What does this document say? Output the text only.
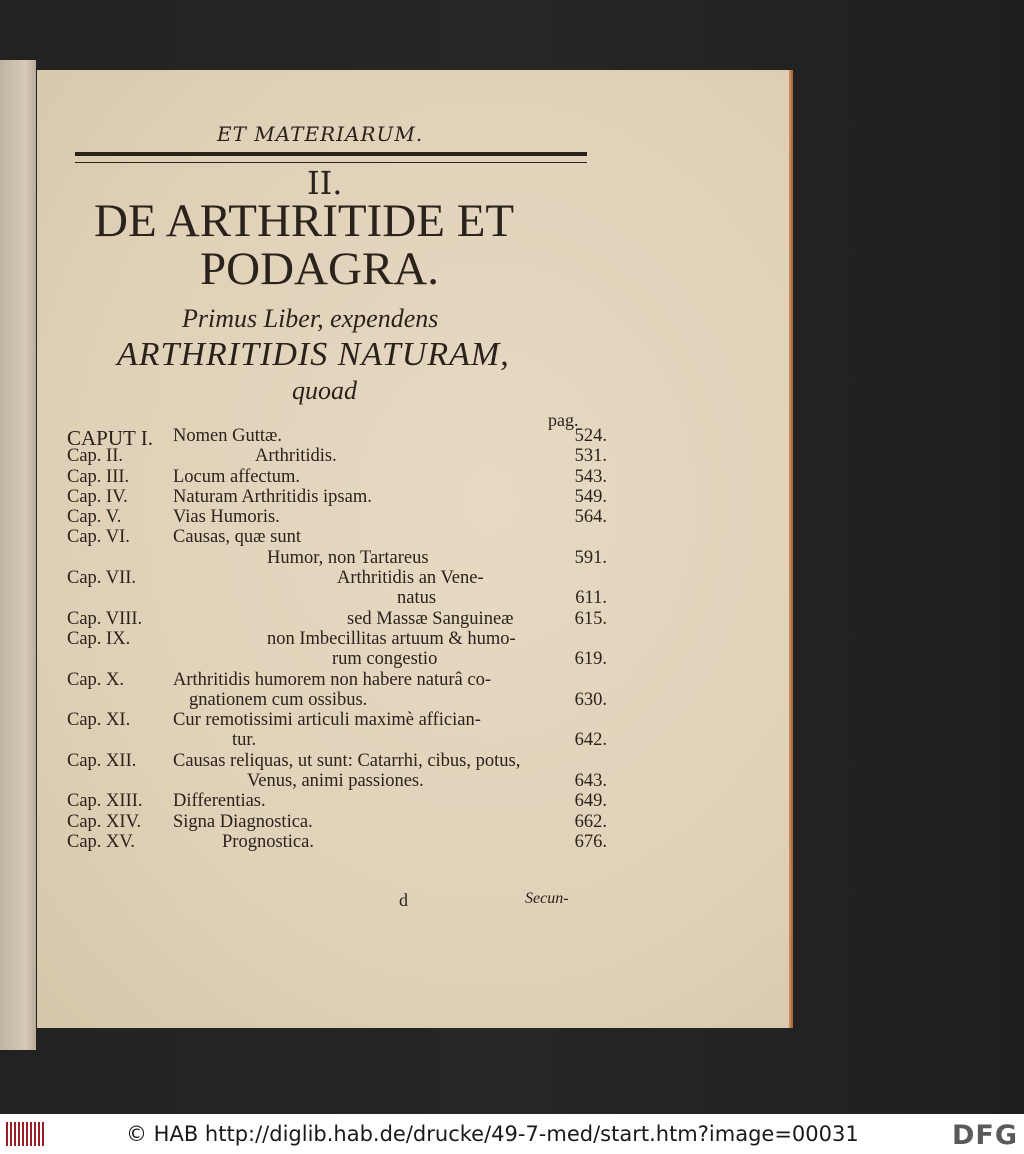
ET MATERIARUM.
II.
DE ARTHRITIDE ET
PODAGRA.
Primus Liber, expendens
ARTHRITIDIS NATURAM,
quoad
pag.
CAPUT I. Nomen Guttæ.	524.
Cap. II.	Arthritidis.	531.
Cap. III. Locum affectum.	543.
Cap. IV. Naturam Arthritidis ipsam.	549.
Cap. V.	Vias Humoris.	564.
Cap. VI. Causas, quæ sunt
Humor, non Tartareus	591.
Cap. VII.	Arthritidis an Vene-
natus	611.
Cap. VIII.	sed Massæ Sanguineæ	615.
Cap. IX.	non Imbecillitas artuum & humo-
rum congestio	619.
Cap. X.	Arthritidis humorem non habere naturâ co-
gnationem cum ossibus.	630.
Cap. XI. Cur remotissimi articuli maximè affician-
tur.	642.
Cap. XII. Causas reliquas, ut sunt: Catarrhi, cibus, potus,
Venus, animi passiones.	643.
Cap. XIII. Differentias.	649.
Cap. XIV. Signa Diagnostica.	662.
Cap. XV.	Prognostica.	676.
d	Secun-
© HAB http://diglib.hab.de/drucke/49-7-med/start.htm?image=00031	DFG
